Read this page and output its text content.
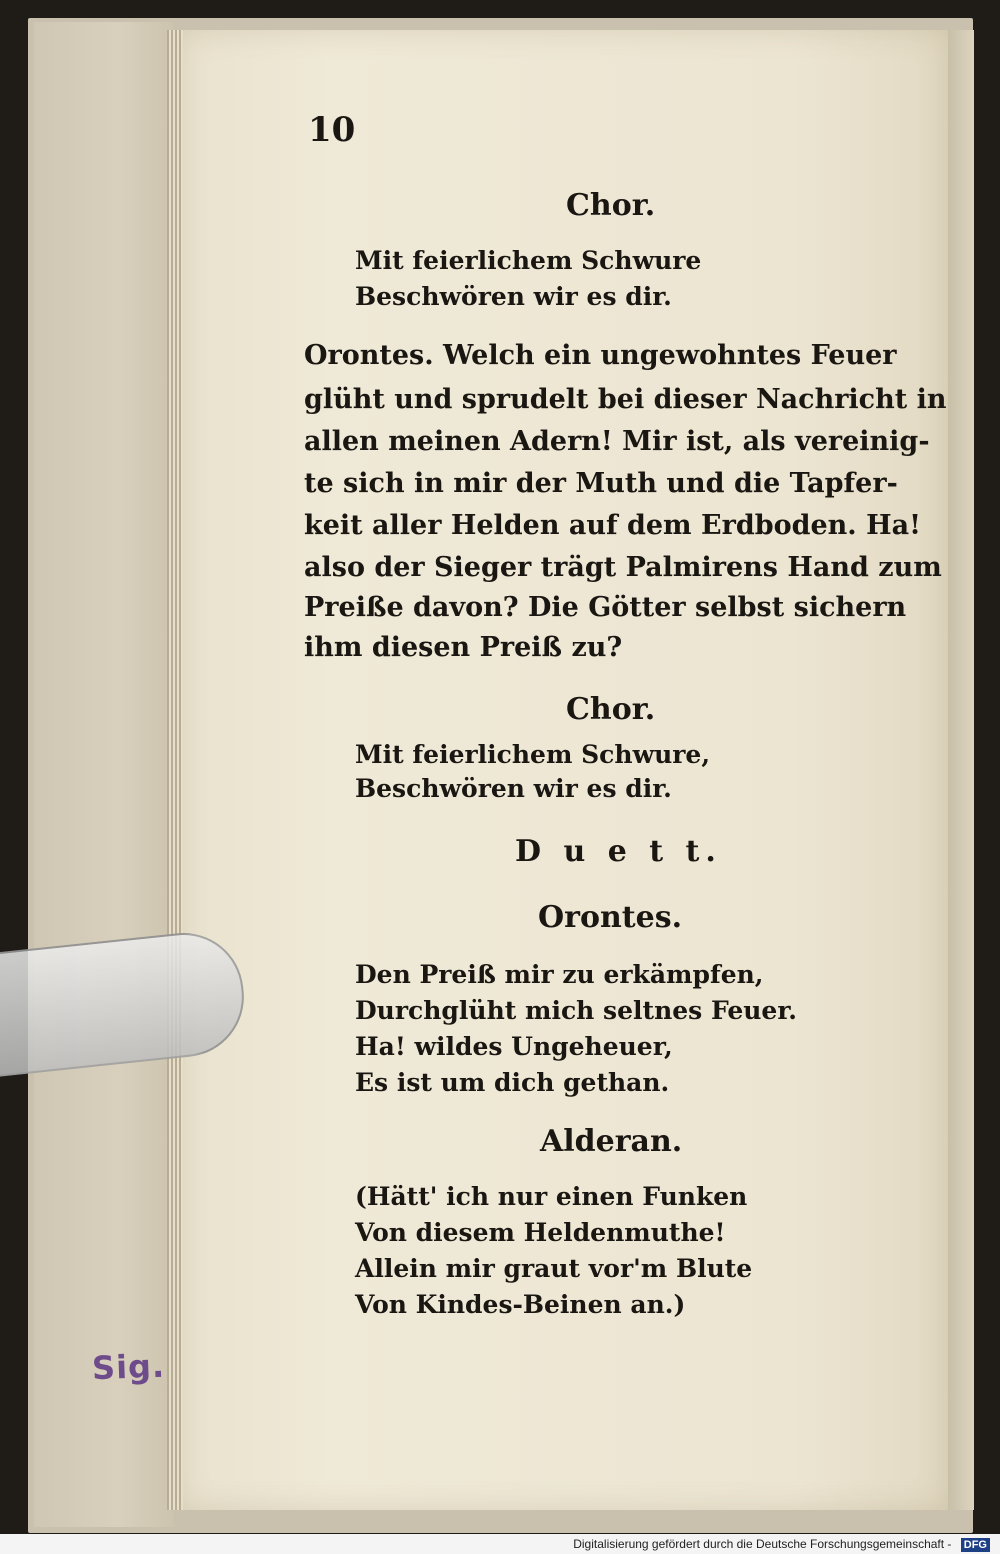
10
Chor.
Mit feierlichem Schwure
Beschwören wir es dir.
Orontes. Welch ein ungewohntes Feuer
glüht und sprudelt bei dieser Nachricht in
allen meinen Adern! Mir ist, als vereinig-
te sich in mir der Muth und die Tapfer-
keit aller Helden auf dem Erdboden. Ha!
also der Sieger trägt Palmirens Hand zum
Preiße davon? Die Götter selbst sichern
ihm diesen Preiß zu?
Chor.
Mit feierlichem Schwure,
Beschwören wir es dir.
D u e t t.
Orontes.
Den Preiß mir zu erkämpfen,
Durchglüht mich seltnes Feuer.
Ha! wildes Ungeheuer,
Es ist um dich gethan.
Alderan.
(Hätt' ich nur einen Funken
Von diesem Heldenmuthe!
Allein mir graut vor'm Blute
Von Kindes-Beinen an.)
Sig.
Digitalisierung gefördert durch die Deutsche Forschungsgemeinschaft - DFG
